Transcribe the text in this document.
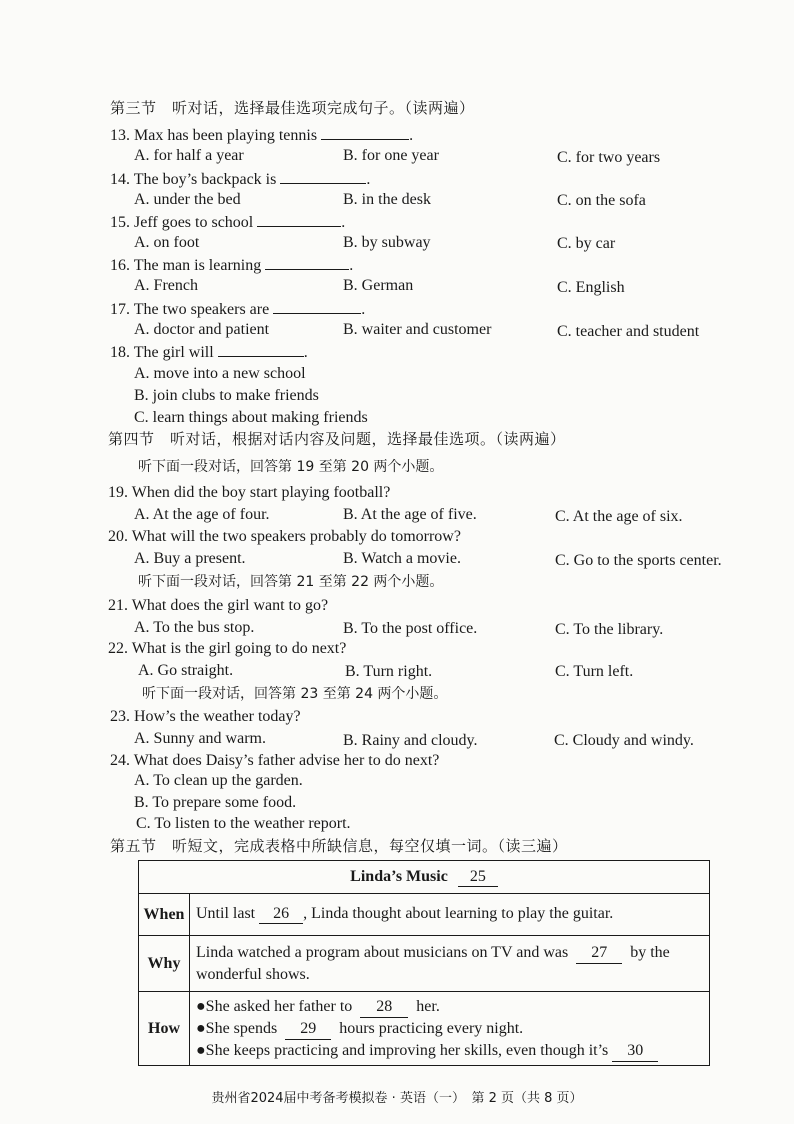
第三节　听对话，选择最佳选项完成句子。（读两遍）
13. Max has been playing tennis	.
A. for half a year	B. for one year	C. for two years
14. The boy’s backpack is	.
A. under the bed	B. in the desk	C. on the sofa
15. Jeff goes to school	.
A. on foot	B. by subway	C. by car
16. The man is learning	.
A. French	B. German	C. English
17. The two speakers are	.
A. doctor and patient	B. waiter and customer	C. teacher and student
18. The girl will	.
A. move into a new school
B. join clubs to make friends
C. learn things about making friends
第四节　听对话，根据对话内容及问题，选择最佳选项。（读两遍）
听下面一段对话，回答第 19 至第 20 两个小题。
19. When did the boy start playing football?
A. At the age of four.	B. At the age of five.	C. At the age of six.
20. What will the two speakers probably do tomorrow?
A. Buy a present.	B. Watch a movie.	C. Go to the sports center.
听下面一段对话，回答第 21 至第 22 两个小题。
21. What does the girl want to go?
A. To the bus stop.	B. To the post office.	C. To the library.
22. What is the girl going to do next?
A. Go straight.	B. Turn right.	C. Turn left.
听下面一段对话，回答第 23 至第 24 两个小题。
23. How’s the weather today?
A. Sunny and warm.	B. Rainy and cloudy.	C. Cloudy and windy.
24. What does Daisy’s father advise her to do next?
A. To clean up the garden.
B. To prepare some food.
C. To listen to the weather report.
第五节　听短文，完成表格中所缺信息，每空仅填一词。（读三遍）
Linda’s Music 25	
When	Until last 26 , Linda thought about learning to play the guitar.
Why	Linda watched a program about musicians on TV and was 27 by the
wonderful shows.
How	●She asked her father to 28 her.
●She spends 29 hours practicing every night.
●She keeps practicing and improving her skills, even though it’s 30
贵州省2024届中考备考模拟卷 · 英语（一）　第 2 页（共 8 页）
